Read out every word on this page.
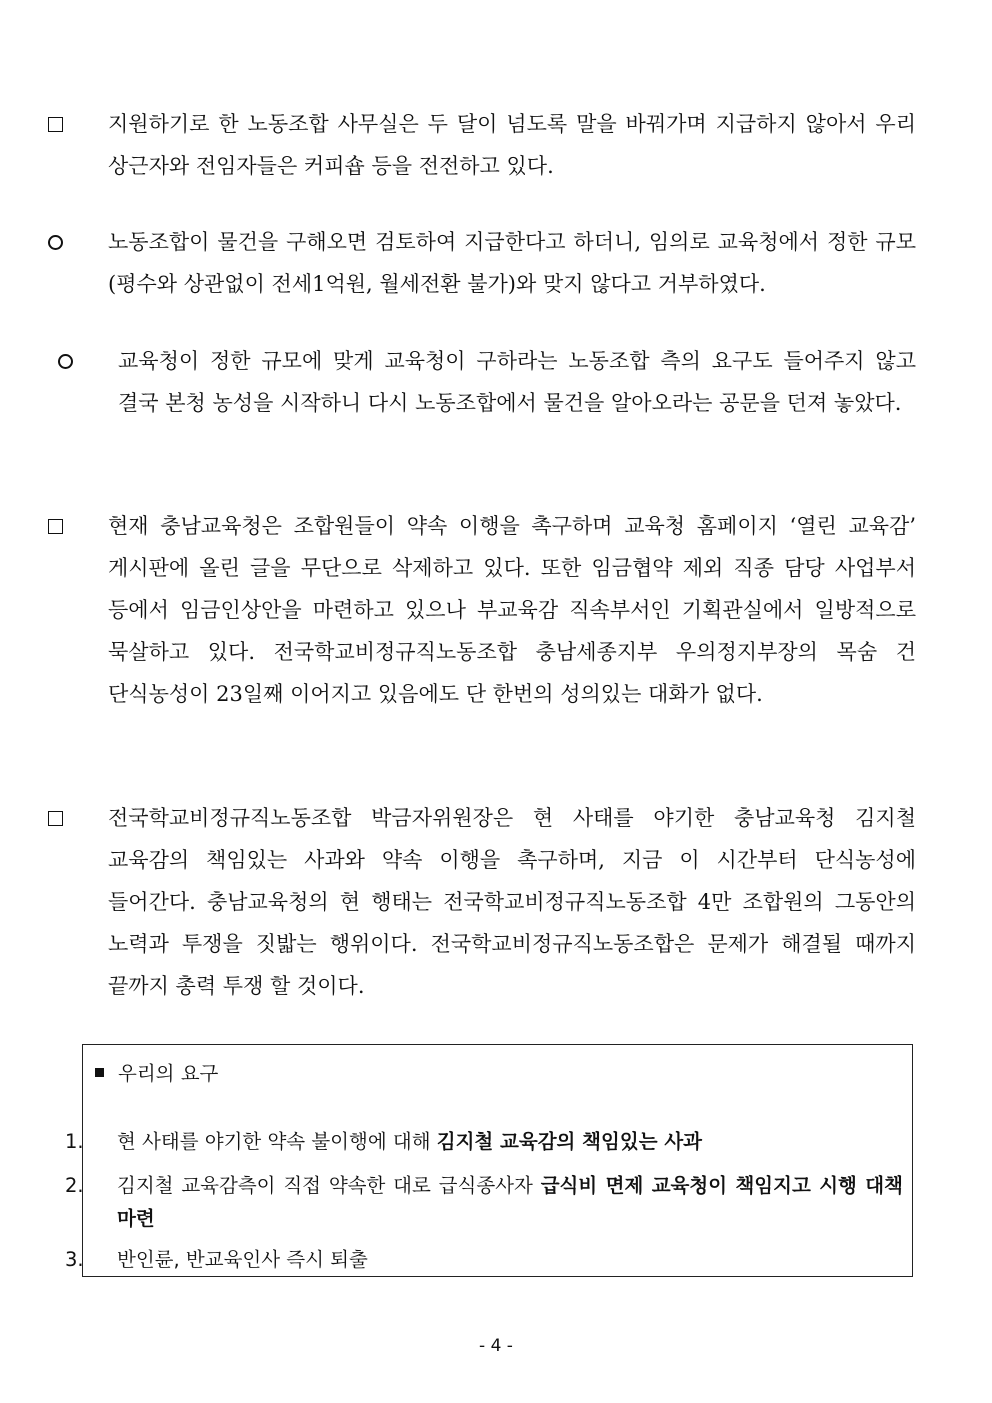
지원하기로 한 노동조합 사무실은 두 달이 넘도록 말을 바꿔가며 지급하지 않아서 우리 상근자와 전임자들은 커피숍 등을 전전하고 있다.
노동조합이 물건을 구해오면 검토하여 지급한다고 하더니, 임의로 교육청에서 정한 규모(평수와 상관없이 전세1억원, 월세전환 불가)와 맞지 않다고 거부하였다.
교육청이 정한 규모에 맞게 교육청이 구하라는 노동조합 측의 요구도 들어주지 않고 결국 본청 농성을 시작하니 다시 노동조합에서 물건을 알아오라는 공문을 던져 놓았다.
현재 충남교육청은 조합원들이 약속 이행을 촉구하며 교육청 홈페이지 ‘열린 교육감’ 게시판에 올린 글을 무단으로 삭제하고 있다. 또한 임금협약 제외 직종 담당 사업부서 등에서 임금인상안을 마련하고 있으나 부교육감 직속부서인 기획관실에서 일방적으로 묵살하고 있다. 전국학교비정규직노동조합 충남세종지부 우의정지부장의 목숨 건 단식농성이 23일째 이어지고 있음에도 단 한번의 성의있는 대화가 없다.
전국학교비정규직노동조합 박금자위원장은 현 사태를 야기한 충남교육청 김지철 교육감의 책임있는 사과와 약속 이행을 촉구하며, 지금 이 시간부터 단식농성에 들어간다. 충남교육청의 현 행태는 전국학교비정규직노동조합 4만 조합원의 그동안의 노력과 투쟁을 짓밟는 행위이다. 전국학교비정규직노동조합은 문제가 해결될 때까지 끝까지 총력 투쟁 할 것이다.
우리의 요구
1. 현 사태를 야기한 약속 불이행에 대해 김지철 교육감의 책임있는 사과
2. 김지철 교육감측이 직접 약속한 대로 급식종사자 급식비 면제 교육청이 책임지고 시행 대책 마련
3. 반인륜, 반교육인사 즉시 퇴출
- 4 -
